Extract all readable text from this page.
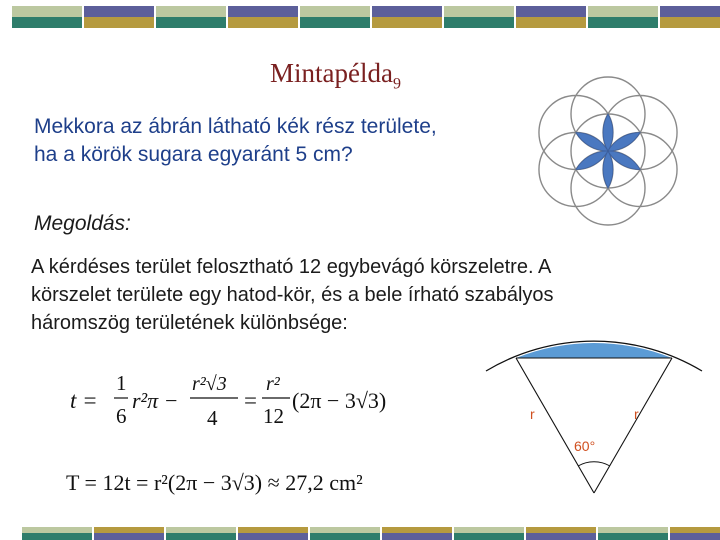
Mintapélda$_9$
Mekkora az ábrán látható kék rész területe,
ha a körök sugara egyaránt 5 cm?
Megoldás:
A kérdéses terület felosztható 12 egybevágó körszeletre. A
körszelet területe egy hatod-kör, és a bele írható szabályos
háromszög területének különbsége:
t =
1
6
r²π −
r²√3
4
=
r²
12
(2π − 3√3)
T = 12t = r²(2π − 3√3) ≈ 27,2 cm²
r	r
60°
